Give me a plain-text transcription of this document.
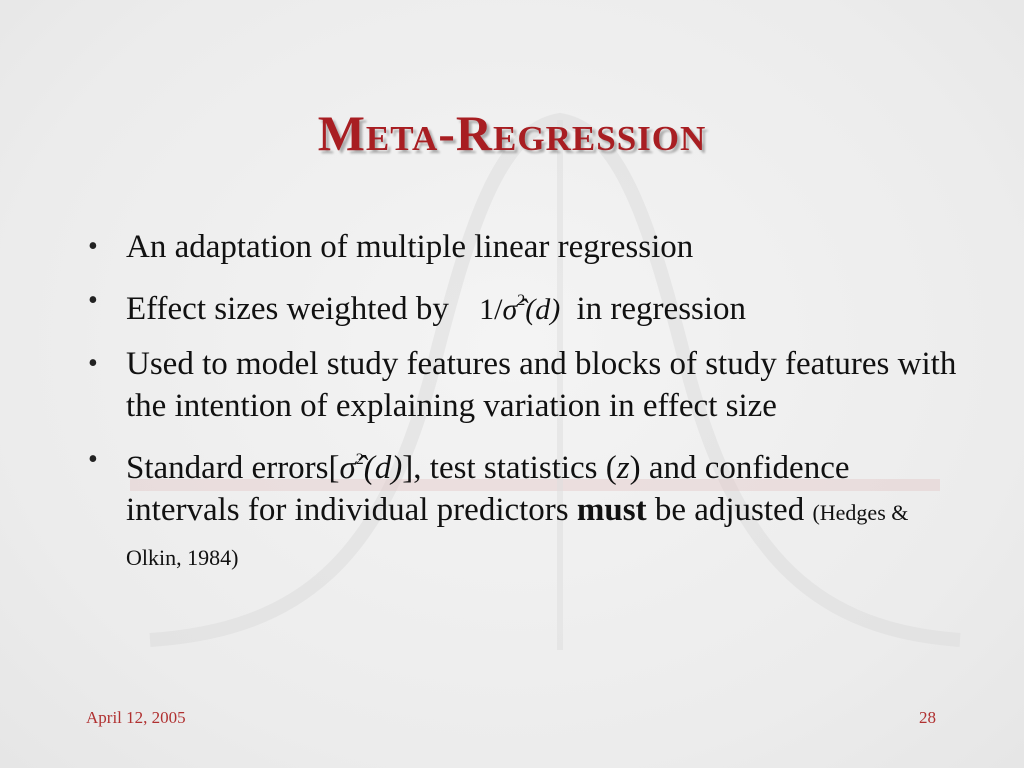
Meta-Regression
• An adaptation of multiple linear regression
• Effect sizes weighted by 1/σ̂$^2$(d) in regression
• Used to model study features and blocks of study features with the intention of explaining variation in effect size
• Standard errors[σ̂$^2$(d)], test statistics (z) and confidence intervals for individual predictors must be adjusted (Hedges & Olkin, 1984)
April 12, 2005	28
